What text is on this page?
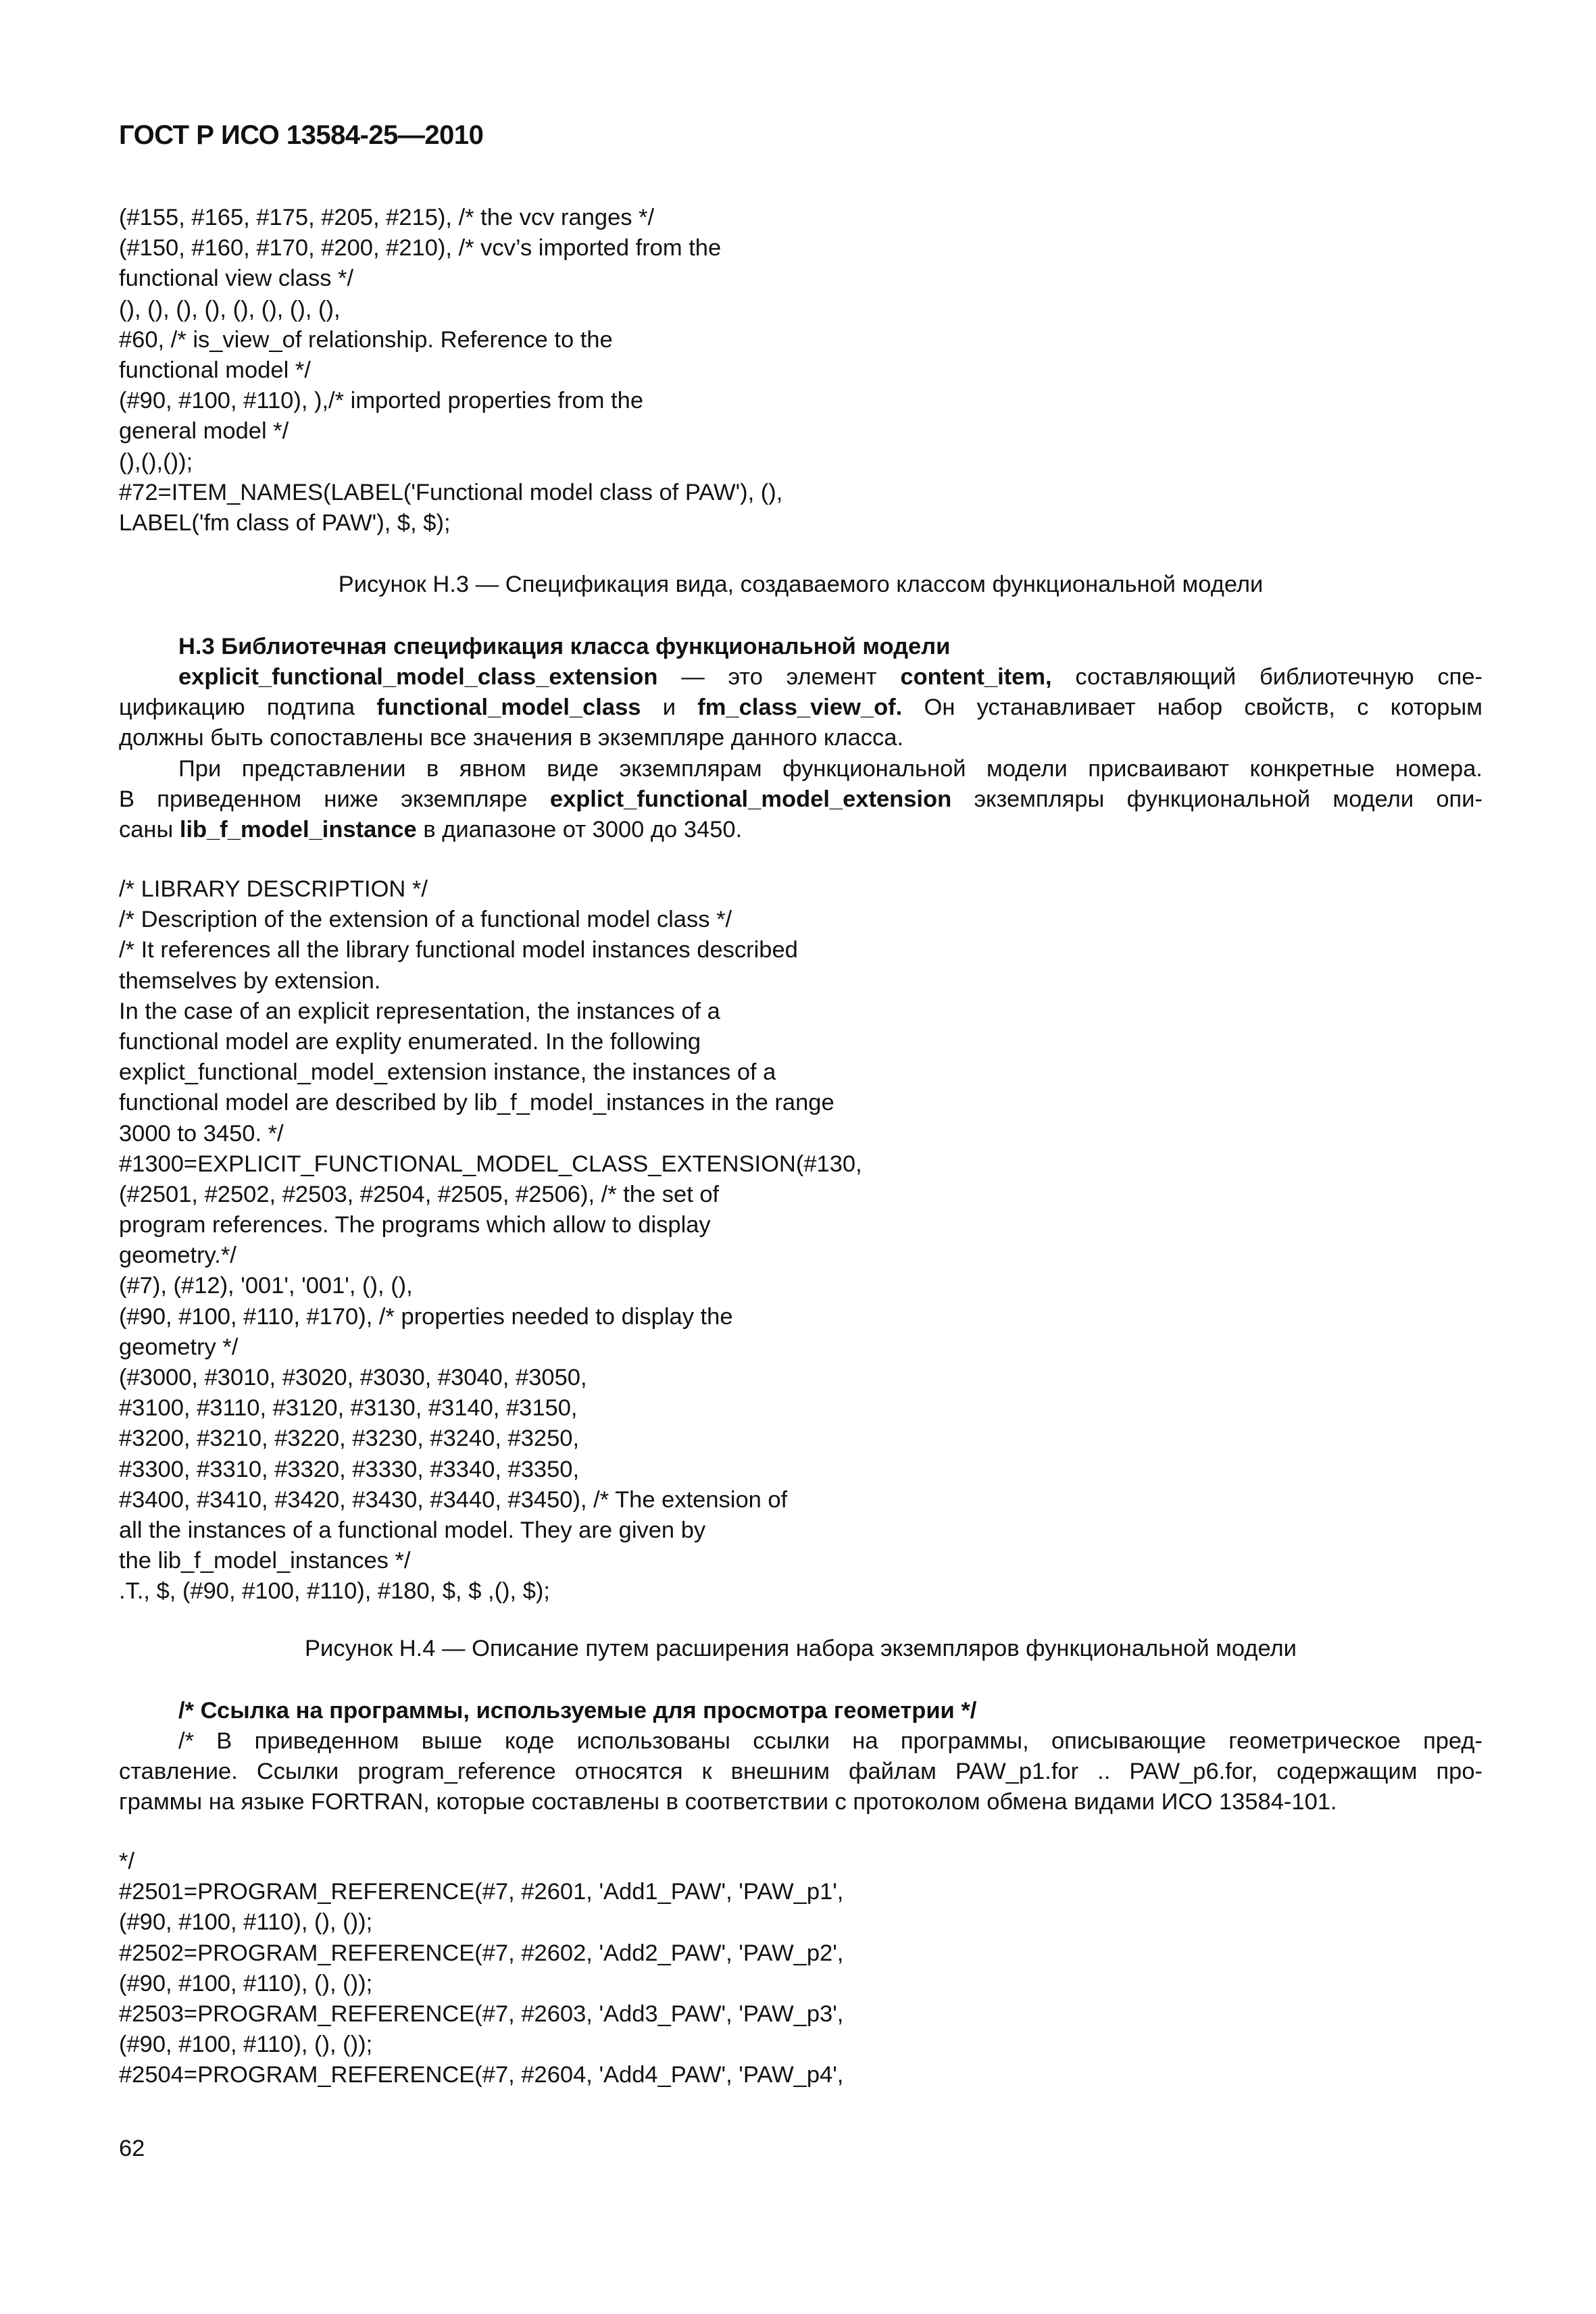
ГОСТ Р ИСО 13584-25—2010
(#155, #165, #175, #205, #215), /* the vcv ranges */
(#150, #160, #170, #200, #210), /* vcv’s imported from the
functional view class */
(), (), (), (), (), (), (), (),
#60, /* is_view_of relationship. Reference to the
functional model */
(#90, #100, #110), ),/* imported properties from the
general model */
(),(),());
#72=ITEM_NAMES(LABEL('Functional model class of PAW'), (),
LABEL('fm class of PAW'), $, $);
Рисунок H.3 — Спецификация вида, создаваемого классом функциональной модели
H.3 Библиотечная спецификация класса функциональной модели
explicit_functional_model_class_extension — это элемент content_item, составляющий библиотечную спе-
цификацию подтипа functional_model_class и fm_class_view_of. Он устанавливает набор свойств, с которым
должны быть сопоставлены все значения в экземпляре данного класса.
При представлении в явном виде экземплярам функциональной модели присваивают конкретные номера.
В приведенном ниже экземпляре explict_functional_model_extension экземпляры функциональной модели опи-
саны lib_f_model_instance в диапазоне от 3000 до 3450.
/* LIBRARY DESCRIPTION */
/* Description of the extension of a functional model class */
/* It references all the library functional model instances described
themselves by extension.
In the case of an explicit representation, the instances of a
functional model are explity enumerated. In the following
explict_functional_model_extension instance, the instances of a
functional model are described by lib_f_model_instances in the range
3000 to 3450. */
#1300=EXPLICIT_FUNCTIONAL_MODEL_CLASS_EXTENSION(#130,
(#2501, #2502, #2503, #2504, #2505, #2506), /* the set of
program references. The programs which allow to display
geometry.*/
(#7), (#12), '001', '001', (), (),
(#90, #100, #110, #170), /* properties needed to display the
geometry */
(#3000, #3010, #3020, #3030, #3040, #3050,
#3100, #3110, #3120, #3130, #3140, #3150,
#3200, #3210, #3220, #3230, #3240, #3250,
#3300, #3310, #3320, #3330, #3340, #3350,
#3400, #3410, #3420, #3430, #3440, #3450), /* The extension of
all the instances of a functional model. They are given by
the lib_f_model_instances */
.T., $, (#90, #100, #110), #180, $, $ ,(), $);
Рисунок H.4 — Описание путем расширения набора экземпляров функциональной модели
/* Ссылка на программы, используемые для просмотра геометрии */
/* В приведенном выше коде использованы ссылки на программы, описывающие геометрическое пред-
ставление. Ссылки program_reference относятся к внешним файлам PAW_p1.for .. PAW_p6.for, содержащим про-
граммы на языке FORTRAN, которые составлены в соответствии с протоколом обмена видами ИСО 13584-101.
*/
#2501=PROGRAM_REFERENCE(#7, #2601, 'Add1_PAW', 'PAW_p1',
(#90, #100, #110), (), ());
#2502=PROGRAM_REFERENCE(#7, #2602, 'Add2_PAW', 'PAW_p2',
(#90, #100, #110), (), ());
#2503=PROGRAM_REFERENCE(#7, #2603, 'Add3_PAW', 'PAW_p3',
(#90, #100, #110), (), ());
#2504=PROGRAM_REFERENCE(#7, #2604, 'Add4_PAW', 'PAW_p4',
62
